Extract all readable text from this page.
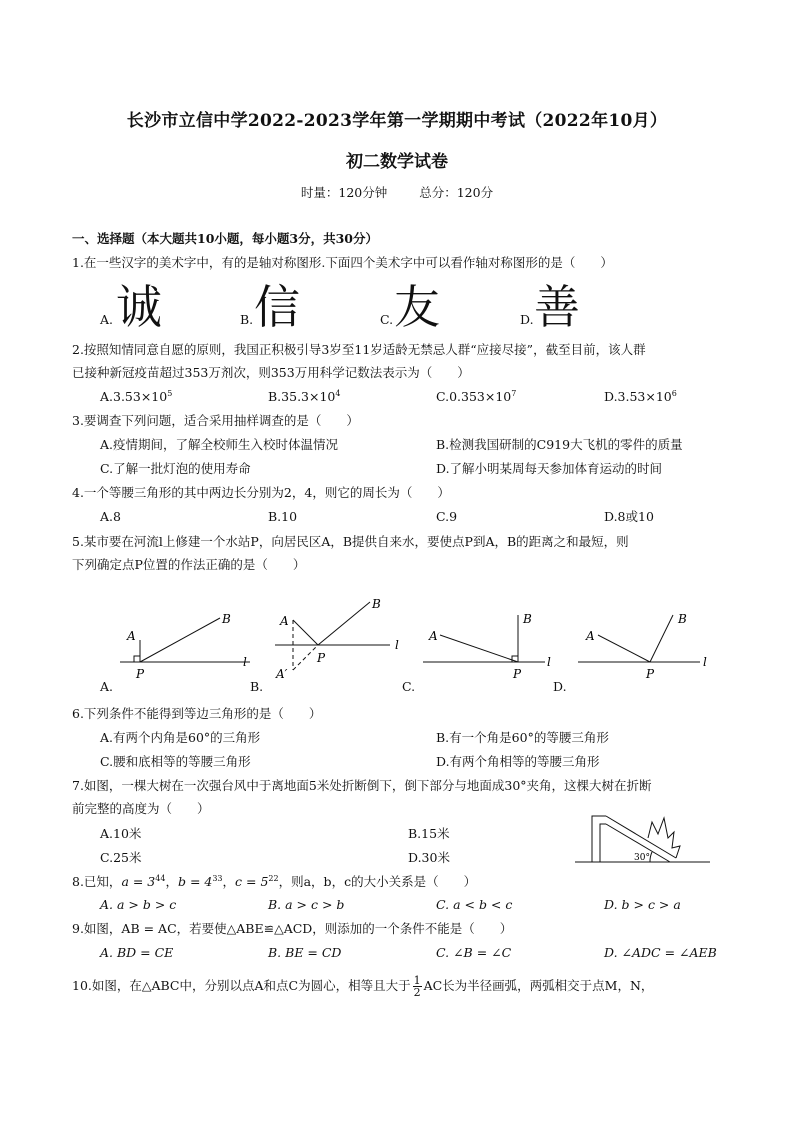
长沙市立信中学2022-2023学年第一学期期中考试（2022年10月）
初二数学试卷
时量：120分钟	总分：120分
一、选择题（本大题共10小题，每小题3分，共30分）
1.在一些汉字的美术字中，有的是轴对称图形.下面四个美术字中可以看作轴对称图形的是（　　）
A. 诚	B. 信	C. 友	D. 善
2.按照知情同意自愿的原则，我国正积极引导3岁至11岁适龄无禁忌人群“应接尽接”，截至目前，该人群
已接种新冠疫苗超过353万剂次，则353万用科学记数法表示为（　　）
$A.3.53\times 10^5$	$B.35.3\times 10^4$	$C.0.353\times 10^7$	$D.3.53\times 10^6$
3.要调查下列问题，适合采用抽样调查的是（　　）
A.疫情期间，了解全校师生入校时体温情况	B.检测我国研制的C919大飞机的零件的质量
C.了解一批灯泡的使用寿命	D.了解小明某周每天参加体育运动的时间
4.一个等腰三角形的其中两边长分别为2，4，则它的周长为（　　）
A.8	B.10	C.9	D.8或10
5.某市要在河流l上修建一个水站P，向居民区A，B提供自来水，要使点P到A，B的距离之和最短，则
下列确定点P位置的作法正确的是（　　）
A
B
P
l
A
B
P
l
A′
A
B
P
l
A
B
P
l
A.	B.	C.	D.
6.下列条件不能得到等边三角形的是（　　）
A.有两个内角是60°的三角形	B.有一个角是60°的等腰三角形
C.腰和底相等的等腰三角形	D.有两个角相等的等腰三角形
7.如图，一棵大树在一次强台风中于离地面5米处折断倒下，倒下部分与地面成30°夹角，这棵大树在折断
前完整的高度为（　　）
A.10米	B.15米
C.25米	D.30米	30°
8.已知，$a = 3^{44}$，$b = 4^{33}$，$c = 5^{22}$，则a，b，c的大小关系是（　　）
A. a > b > c	B. a > c > b	C. a < b < c	D. b > c > a
9.如图，AB = AC，若要使△ABE≌△ACD，则添加的一个条件不能是（　　）
A. BD = CE	B. BE = CD	C. ∠B = ∠C	D. ∠ADC = ∠AEB
10.如图，在△ABC中，分别以点A和点C为圆心，相等且大于 $\frac{1}{2}$ AC长为半径画弧，两弧相交于点M，N，
